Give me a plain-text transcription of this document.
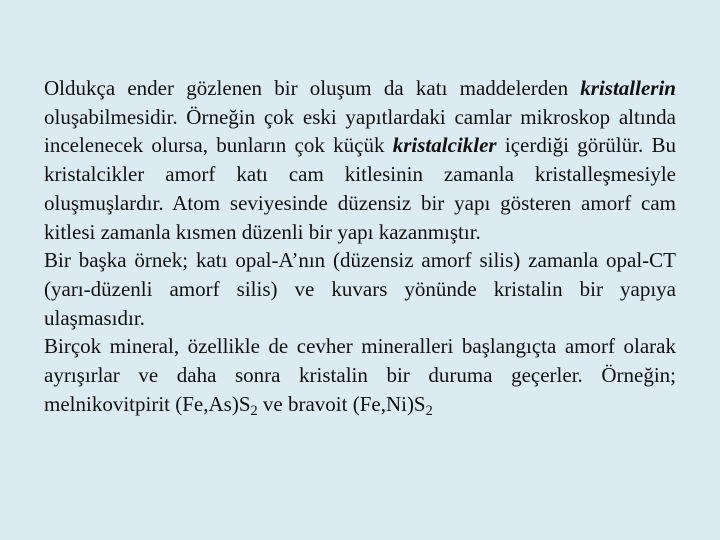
Oldukça ender gözlenen bir oluşum da katı maddelerden kristallerin oluşabilmesidir. Örneğin çok eski yapıtlardaki camlar mikroskop altında incelenecek olursa, bunların çok küçük kristalcikler içerdiği görülür. Bu kristalcikler amorf katı cam kitlesinin zamanla kristalleşmesiyle oluşmuşlardır. Atom seviyesinde düzensiz bir yapı gösteren amorf cam kitlesi zamanla kısmen düzenli bir yapı kazanmıştır.

Bir başka örnek; katı opal-A’nın (düzensiz amorf silis) zamanla opal-CT (yarı-düzenli amorf silis) ve kuvars yönünde kristalin bir yapıya ulaşmasıdır.

Birçok mineral, özellikle de cevher mineralleri başlangıçta amorf olarak ayrışırlar ve daha sonra kristalin bir duruma geçerler. Örneğin; melnikovitpirit $(Fe,As)S_2$ ve bravoit $(Fe,Ni)S_2$
